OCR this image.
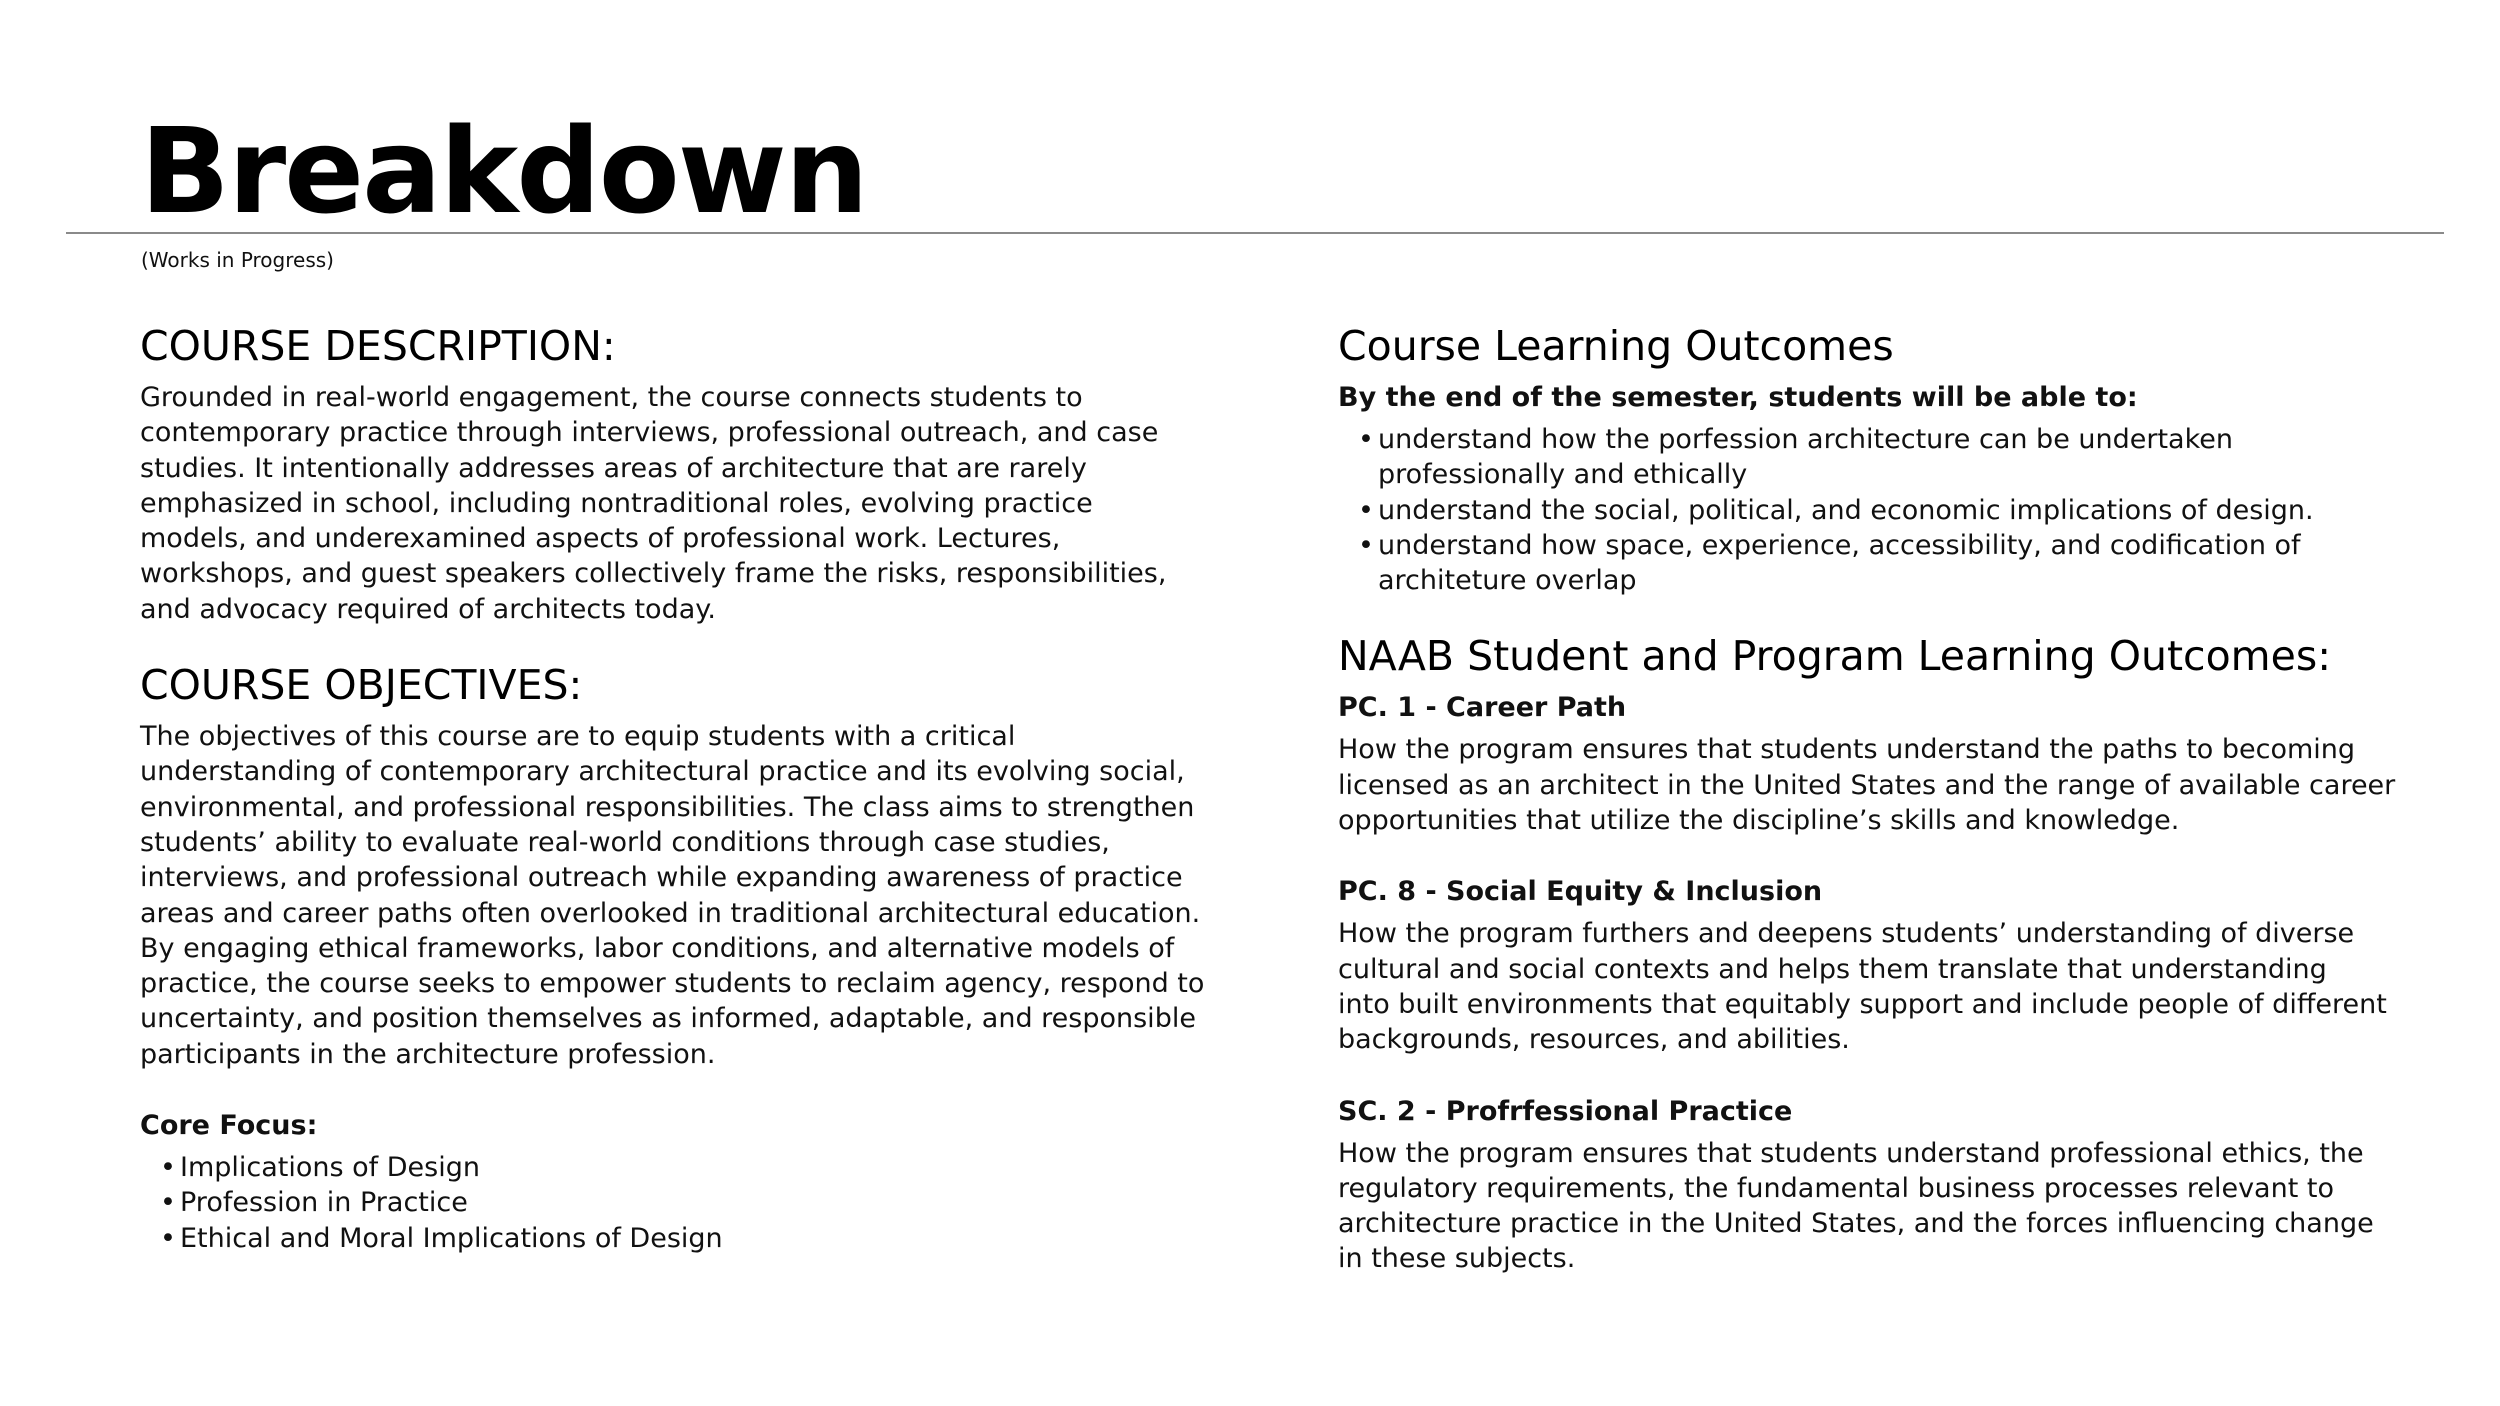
Breakdown
(Works in Progress)
COURSE DESCRIPTION:
Grounded in real-world engagement, the course connects students to
contemporary practice through interviews, professional outreach, and case
studies. It intentionally addresses areas of architecture that are rarely
emphasized in school, including nontraditional roles, evolving practice
models, and underexamined aspects of professional work. Lectures,
workshops, and guest speakers collectively frame the risks, responsibilities,
and advocacy required of architects today.
COURSE OBJECTIVES:
The objectives of this course are to equip students with a critical
understanding of contemporary architectural practice and its evolving social,
environmental, and professional responsibilities. The class aims to strengthen
students’ ability to evaluate real-world conditions through case studies,
interviews, and professional outreach while expanding awareness of practice
areas and career paths often overlooked in traditional architectural education.
By engaging ethical frameworks, labor conditions, and alternative models of
practice, the course seeks to empower students to reclaim agency, respond to
uncertainty, and position themselves as informed, adaptable, and responsible
participants in the architecture profession.

Core Focus:

• Implications of Design
• Profession in Practice
• Ethical and Moral Implications of Design
Course Learning Outcomes

By the end of the semester, students will be able to:

• understand how the porfession architecture can be undertaken
professionally and ethically
• understand the social, political, and economic implications of design.
• understand how space, experience, accessibility, and codification of
architeture overlap
NAAB Student and Program Learning Outcomes:

PC. 1 - Career Path

How the program ensures that students understand the paths to becoming
licensed as an architect in the United States and the range of available career
opportunities that utilize the discipline’s skills and knowledge.

PC. 8 - Social Equity & Inclusion

How the program furthers and deepens students’ understanding of diverse
cultural and social contexts and helps them translate that understanding
into built environments that equitably support and include people of different
backgrounds, resources, and abilities.

SC. 2 - Profrfessional Practice

How the program ensures that students understand professional ethics, the
regulatory requirements, the fundamental business processes relevant to
architecture practice in the United States, and the forces influencing change
in these subjects.
